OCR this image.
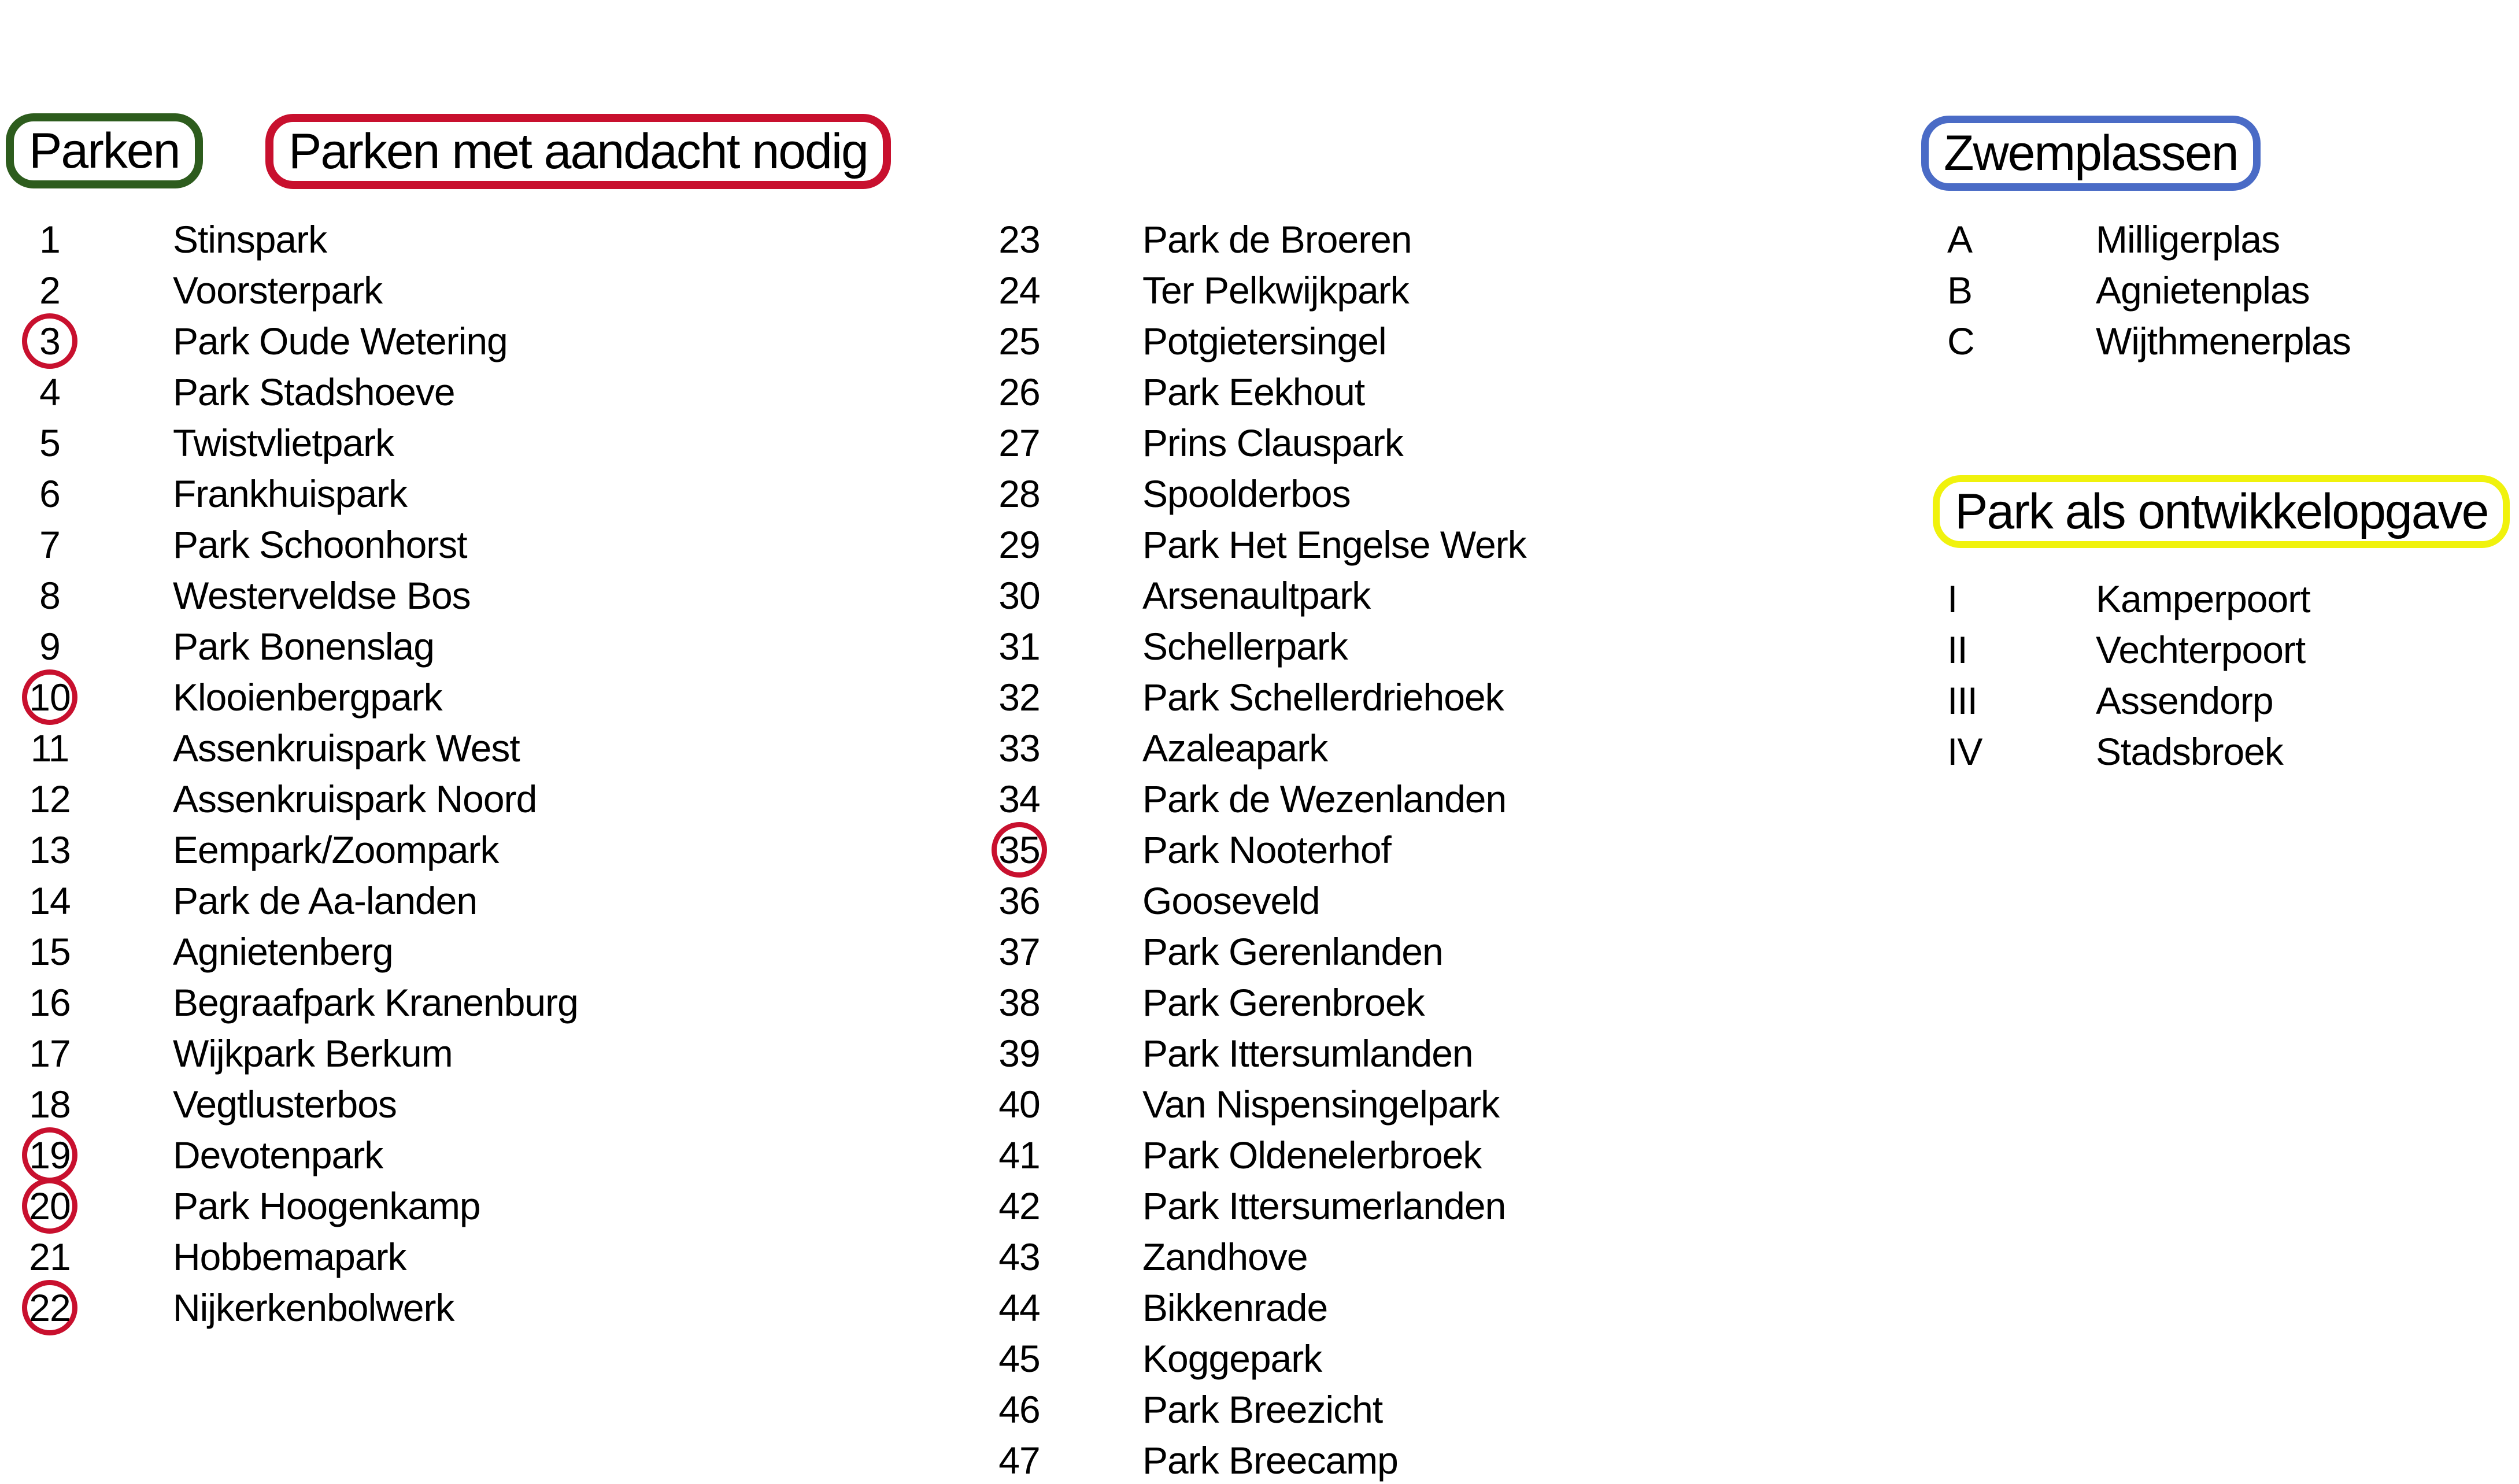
Parken Parken met aandacht nodig	Zwemplassen
Park als ontwikkelopgave
1	Stinspark
2	Voorsterpark
3	Park Oude Wetering
4	Park Stadshoeve
5	Twistvlietpark
6	Frankhuispark
7	Park Schoonhorst
8	Westerveldse Bos
9	Park Bonenslag
10	Klooienbergpark
11	Assenkruispark West
12	Assenkruispark Noord
13	Eempark/Zoompark
14	Park de Aa-landen
15	Agnietenberg
16	Begraafpark Kranenburg
17	Wijkpark Berkum
18	Vegtlusterbos
19	Devotenpark
20	Park Hoogenkamp
21	Hobbemapark
22	Nijkerkenbolwerk
23	Park de Broeren
24	Ter Pelkwijkpark
25	Potgietersingel
26	Park Eekhout
27	Prins Clauspark
28	Spoolderbos
29	Park Het Engelse Werk
30	Arsenaultpark
31	Schellerpark
32	Park Schellerdriehoek
33	Azaleapark
34	Park de Wezenlanden
35	Park Nooterhof
36	Gooseveld
37	Park Gerenlanden
38	Park Gerenbroek
39	Park Ittersumlanden
40	Van Nispensingelpark
41	Park Oldenelerbroek
42	Park Ittersumerlanden
43	Zandhove
44	Bikkenrade
45	Koggepark
46	Park Breezicht
47	Park Breecamp
A	Milligerplas
B	Agnietenplas
C	Wijthmenerplas
I	Kamperpoort
II	Vechterpoort
III	Assendorp
IV	Stadsbroek
